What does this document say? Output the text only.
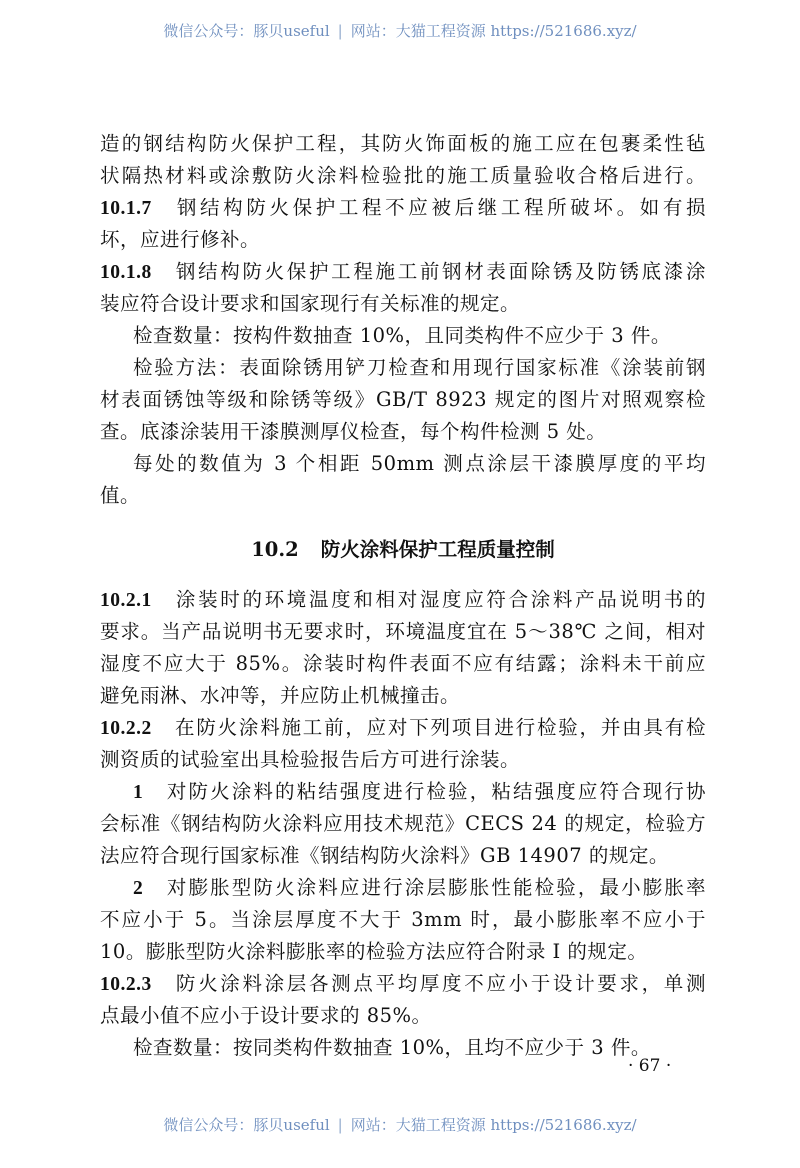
微信公众号：豚贝useful | 网站：大猫工程资源 https://521686.xyz/
造的钢结构防火保护工程，其防火饰面板的施工应在包裹柔性毡
状隔热材料或涂敷防火涂料检验批的施工质量验收合格后进行。
10.1.7 钢结构防火保护工程不应被后继工程所破坏。如有损
坏，应进行修补。
10.1.8 钢结构防火保护工程施工前钢材表面除锈及防锈底漆涂
装应符合设计要求和国家现行有关标准的规定。
检查数量：按构件数抽查 10%，且同类构件不应少于 3 件。
检验方法：表面除锈用铲刀检查和用现行国家标准《涂装前钢
材表面锈蚀等级和除锈等级》GB/T 8923 规定的图片对照观察检
查。底漆涂装用干漆膜测厚仪检查，每个构件检测 5 处。
每处的数值为 3 个相距 50mm 测点涂层干漆膜厚度的平均
值。
10.2 防火涂料保护工程质量控制
10.2.1 涂装时的环境温度和相对湿度应符合涂料产品说明书的
要求。当产品说明书无要求时，环境温度宜在 5～38℃ 之间，相对
湿度不应大于 85%。涂装时构件表面不应有结露；涂料未干前应
避免雨淋、水冲等，并应防止机械撞击。
10.2.2 在防火涂料施工前，应对下列项目进行检验，并由具有检
测资质的试验室出具检验报告后方可进行涂装。
1 对防火涂料的粘结强度进行检验，粘结强度应符合现行协
会标准《钢结构防火涂料应用技术规范》CECS 24 的规定，检验方
法应符合现行国家标准《钢结构防火涂料》GB 14907 的规定。
2 对膨胀型防火涂料应进行涂层膨胀性能检验，最小膨胀率
不应小于 5。当涂层厚度不大于 3mm 时，最小膨胀率不应小于
10。膨胀型防火涂料膨胀率的检验方法应符合附录 I 的规定。
10.2.3 防火涂料涂层各测点平均厚度不应小于设计要求，单测
点最小值不应小于设计要求的 85%。
检查数量：按同类构件数抽查 10%，且均不应少于 3 件。
· 67 ·
微信公众号：豚贝useful | 网站：大猫工程资源 https://521686.xyz/
